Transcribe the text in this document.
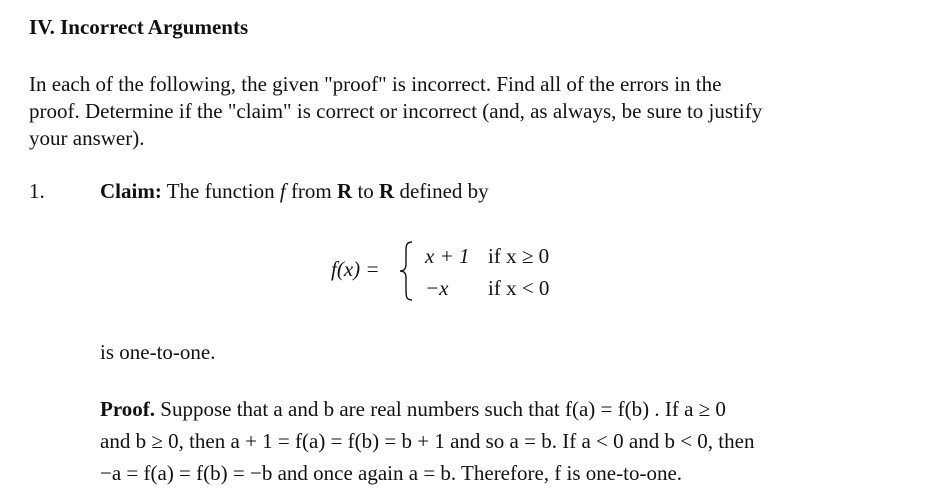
IV. Incorrect Arguments
In each of the following, the given "proof" is incorrect. Find all of the errors in the
proof. Determine if the "claim" is correct or incorrect (and, as always, be sure to justify
your answer).
1.	Claim: The function f from R to R defined by
f(x) =
x + 1 if x ≥ 0
−x if x < 0
is one-to-one.
Proof. Suppose that a and b are real numbers such that f(a) = f(b) . If a ≥ 0
and b ≥ 0, then a + 1 = f(a) = f(b) = b + 1 and so a = b. If a < 0 and b < 0, then
−a = f(a) = f(b) = −b and once again a = b. Therefore, f is one-to-one.
